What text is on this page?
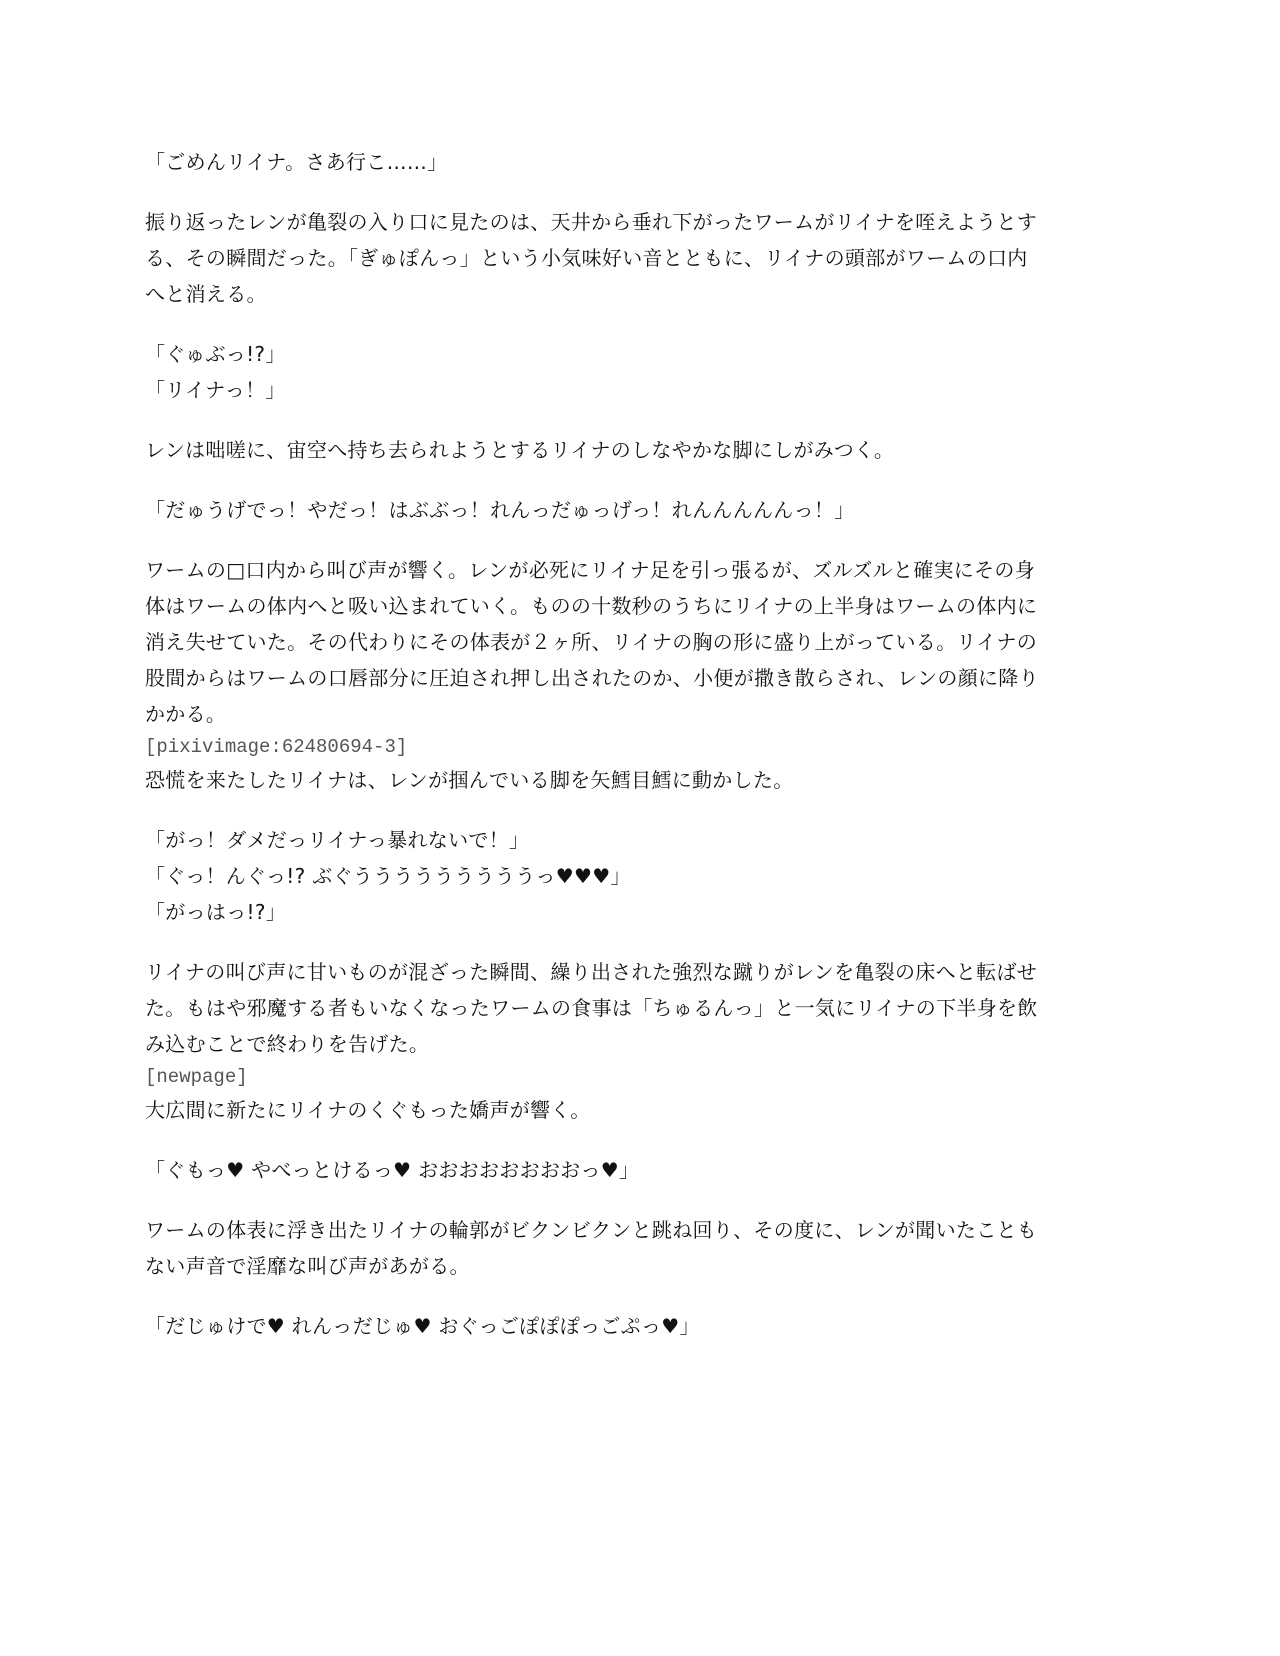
「ごめんリイナ。さあ行こ……」
振り返ったレンが亀裂の入り口に見たのは、天井から垂れ下がったワームがリイナを咥えようとす
る、その瞬間だった。「ぎゅぽんっ」という小気味好い音とともに、リイナの頭部がワームの口内
へと消える。
「ぐゅぶっ!?」
「リイナっ！」
レンは咄嗟に、宙空へ持ち去られようとするリイナのしなやかな脚にしがみつく。
「だゅうげでっ！やだっ！はぶぶっ！れんっだゅっげっ！れんんんんんっ！」
ワームの□口内から叫び声が響く。レンが必死にリイナ足を引っ張るが、ズルズルと確実にその身
体はワームの体内へと吸い込まれていく。ものの十数秒のうちにリイナの上半身はワームの体内に
消え失せていた。その代わりにその体表が２ヶ所、リイナの胸の形に盛り上がっている。リイナの
股間からはワームの口唇部分に圧迫され押し出されたのか、小便が撒き散らされ、レンの顔に降り
かかる。
[pixivimage:62480694-3]
恐慌を来たしたリイナは、レンが掴んでいる脚を矢鱈目鱈に動かした。
「がっ！ダメだっリイナっ暴れないで！」
「ぐっ！んぐっ!? ぶぐうううううううううっ♥♥♥」
「がっはっ!?」
リイナの叫び声に甘いものが混ざった瞬間、繰り出された強烈な蹴りがレンを亀裂の床へと転ばせ
た。もはや邪魔する者もいなくなったワームの食事は「ちゅるんっ」と一気にリイナの下半身を飲
み込むことで終わりを告げた。
[newpage]
大広間に新たにリイナのくぐもった嬌声が響く。
「ぐもっ♥ やべっとけるっ♥ おおおおおおおおっ♥」
ワームの体表に浮き出たリイナの輪郭がビクンビクンと跳ね回り、その度に、レンが聞いたことも
ない声音で淫靡な叫び声があがる。
「だじゅけで♥ れんっだじゅ♥ おぐっごぽぽぽっごぷっ♥」
